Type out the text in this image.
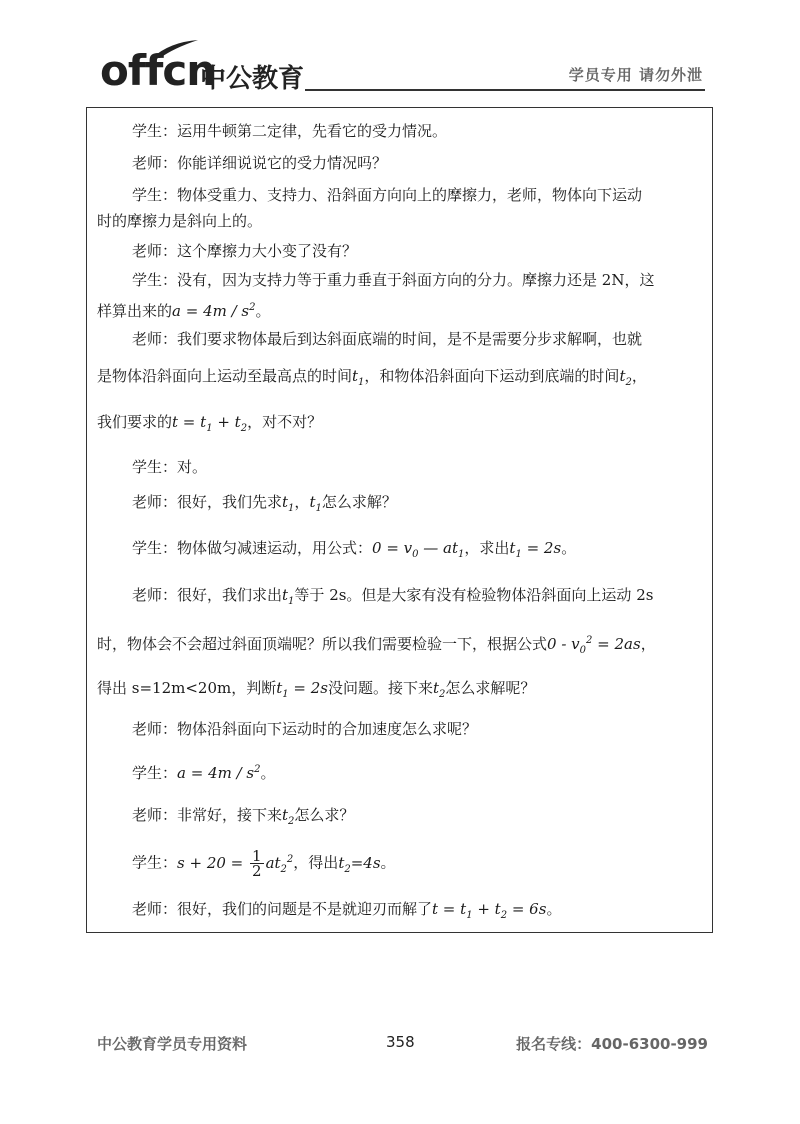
offcn
中公教育	学员专用 请勿外泄
学生：运用牛顿第二定律，先看它的受力情况。
老师：你能详细说说它的受力情况吗？
学生：物体受重力、支持力、沿斜面方向向上的摩擦力，老师，物体向下运动
时的摩擦力是斜向上的。
老师：这个摩擦力大小变了没有？
学生：没有，因为支持力等于重力垂直于斜面方向的分力。摩擦力还是 2N，这
样算出来的$a = 4m / s^2$。
老师：我们要求物体最后到达斜面底端的时间，是不是需要分步求解啊，也就
是物体沿斜面向上运动至最高点的时间$t_1$，和物体沿斜面向下运动到底端的时间$t_2$，
我们要求的$t = t_1 + t_2$，对不对？
学生：对。
老师：很好，我们先求$t_1$，$t_1$怎么求解？
学生：物体做匀减速运动，用公式：$0 = v_0$ — $at_1$，求出$t_1 = 2s$。
老师：很好，我们求出$t_1$等于 2s。但是大家有没有检验物体沿斜面向上运动 2s
时，物体会不会超过斜面顶端呢？所以我们需要检验一下，根据公式$0 - v_0^2 = 2as$，
得出 s=12m<20m，判断$t_1 = 2s$没问题。接下来$t_2$怎么求解呢？
老师：物体沿斜面向下运动时的合加速度怎么求呢？
学生：$a = 4m / s^2$。
老师：非常好，接下来$t_2$怎么求？
学生：$s + 20 = \frac{1}{2} at_2^2$，得出$t_2=4s$。
老师：很好，我们的问题是不是就迎刃而解了$t = t_1 + t_2 = 6s$。
中公教育学员专用资料	358	报名专线：400-6300-999
